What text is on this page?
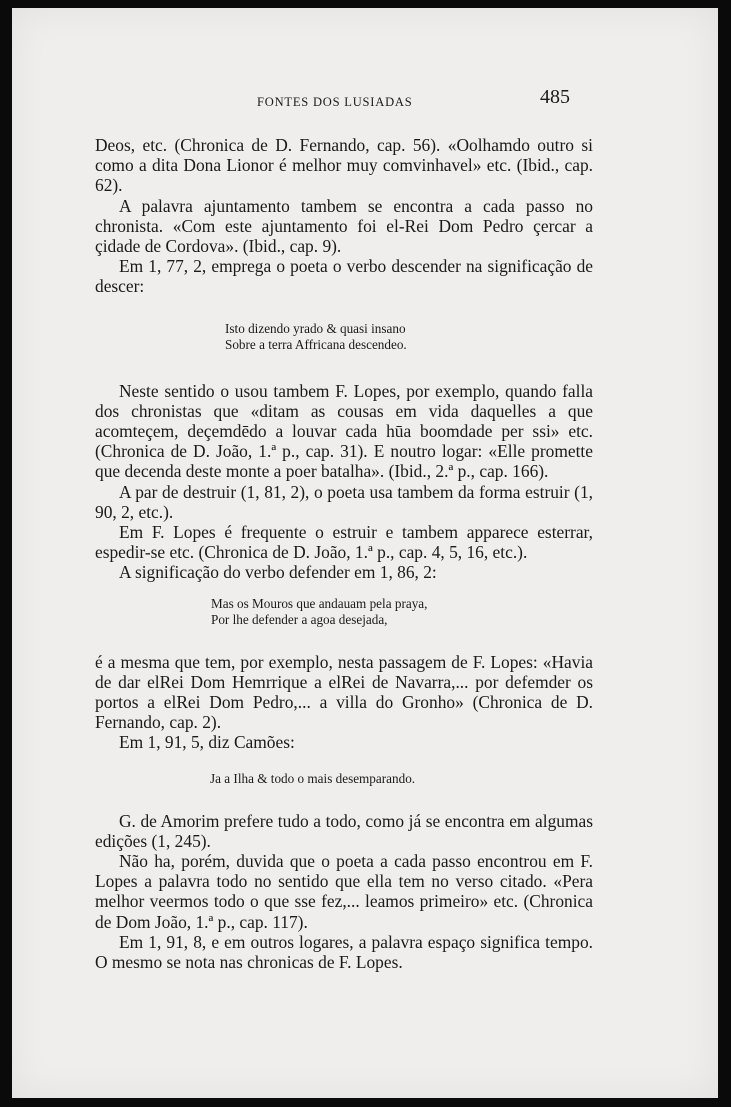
FONTES DOS LUSIADAS	485

Deos, etc. (Chronica de D. Fernando, cap. 56). «Oolhamdo outro si como a dita Dona Lionor é melhor muy comvinhavel» etc. (Ibid., cap. 62).

A palavra ajuntamento tambem se encontra a cada passo no chronista. «Com este ajuntamento foi el-Rei Dom Pedro çercar a çidade de Cordova». (Ibid., cap. 9).

Em 1, 77, 2, emprega o poeta o verbo descender na significação de descer:

Isto dizendo yrado & quasi insano
Sobre a terra Affricana descendeo.

Neste sentido o usou tambem F. Lopes, por exemplo, quando falla dos chronistas que «ditam as cousas em vida daquelles a que acomteçem, deçemdēdo a louvar cada hūa boomdade per ssi» etc. (Chronica de D. João, 1.ª p., cap. 31). E noutro logar: «Elle promette que decenda deste monte a poer batalha». (Ibid., 2.ª p., cap. 166).

A par de destruir (1, 81, 2), o poeta usa tambem da forma estruir (1, 90, 2, etc.).

Em F. Lopes é frequente o estruir e tambem apparece esterrar, espedir-se etc. (Chronica de D. João, 1.ª p., cap. 4, 5, 16, etc.).

A significação do verbo defender em 1, 86, 2:

Mas os Mouros que andauam pela praya,
Por lhe defender a agoa desejada,

é a mesma que tem, por exemplo, nesta passagem de F. Lopes: «Havia de dar elRei Dom Hemrrique a elRei de Navarra,... por defemder os portos a elRei Dom Pedro,... a villa do Gronho» (Chronica de D. Fernando, cap. 2).

Em 1, 91, 5, diz Camões:

Ja a Ilha & todo o mais desemparando.

G. de Amorim prefere tudo a todo, como já se encontra em algumas edições (1, 245).

Não ha, porém, duvida que o poeta a cada passo encontrou em F. Lopes a palavra todo no sentido que ella tem no verso citado. «Pera melhor veermos todo o que sse fez,... leamos primeiro» etc. (Chronica de Dom João, 1.ª p., cap. 117).

Em 1, 91, 8, e em outros logares, a palavra espaço significa tempo. O mesmo se nota nas chronicas de F. Lopes.
